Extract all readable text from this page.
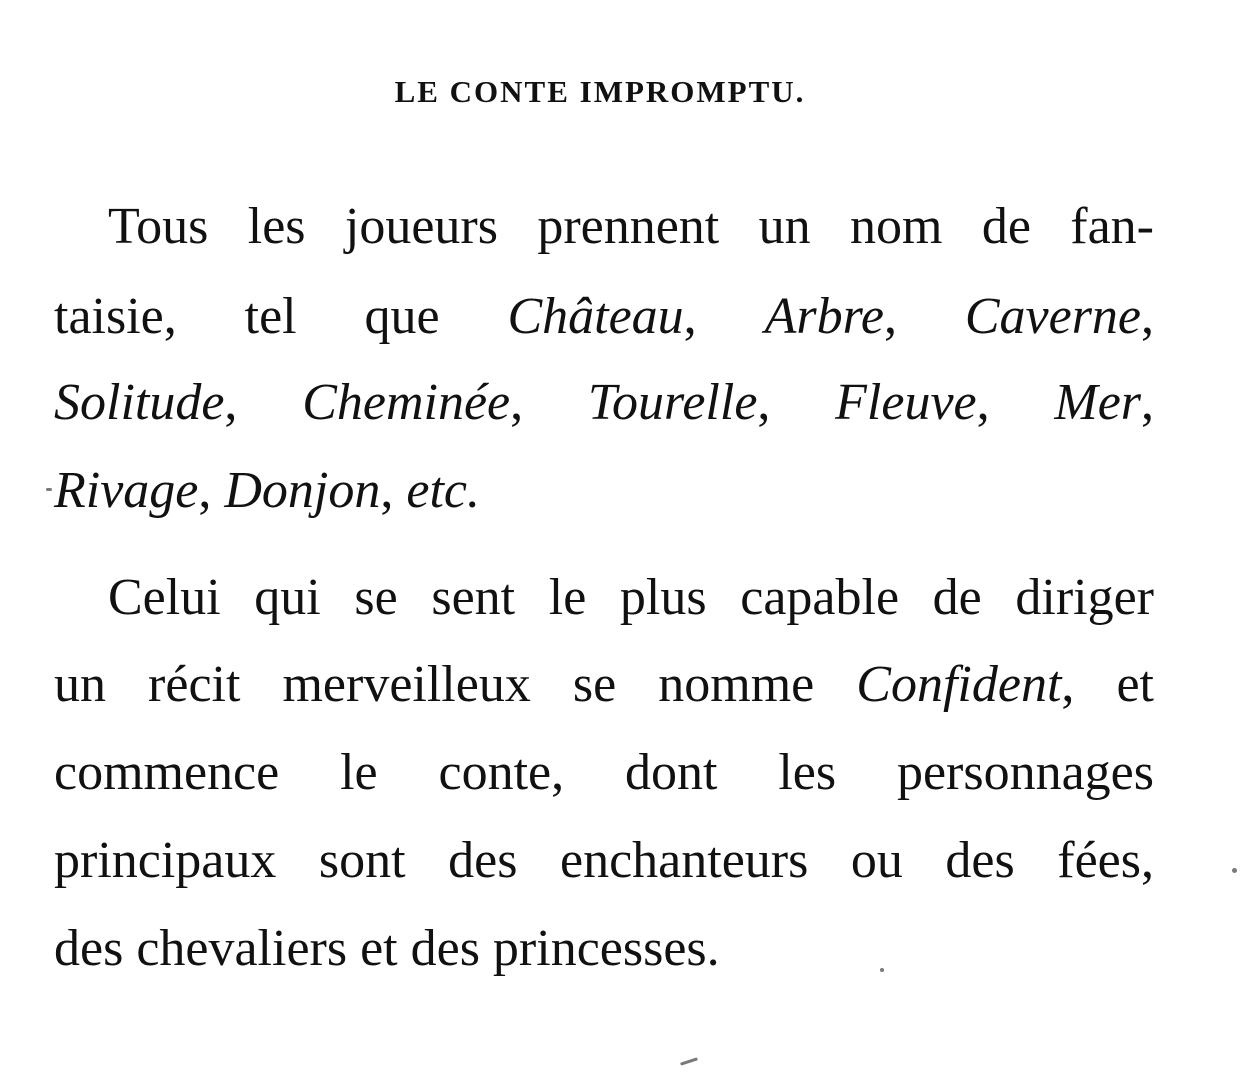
LE CONTE IMPROMPTU.

Tous les joueurs prennent un nom de fan-

taisie, tel que Château, Arbre, Caverne,

Solitude, Cheminée, Tourelle, Fleuve, Mer,

Rivage, Donjon, etc.

Celui qui se sent le plus capable de diriger

un récit merveilleux se nomme Confident, et

commence le conte, dont les personnages

principaux sont des enchanteurs ou des fées,

des chevaliers et des princesses.
